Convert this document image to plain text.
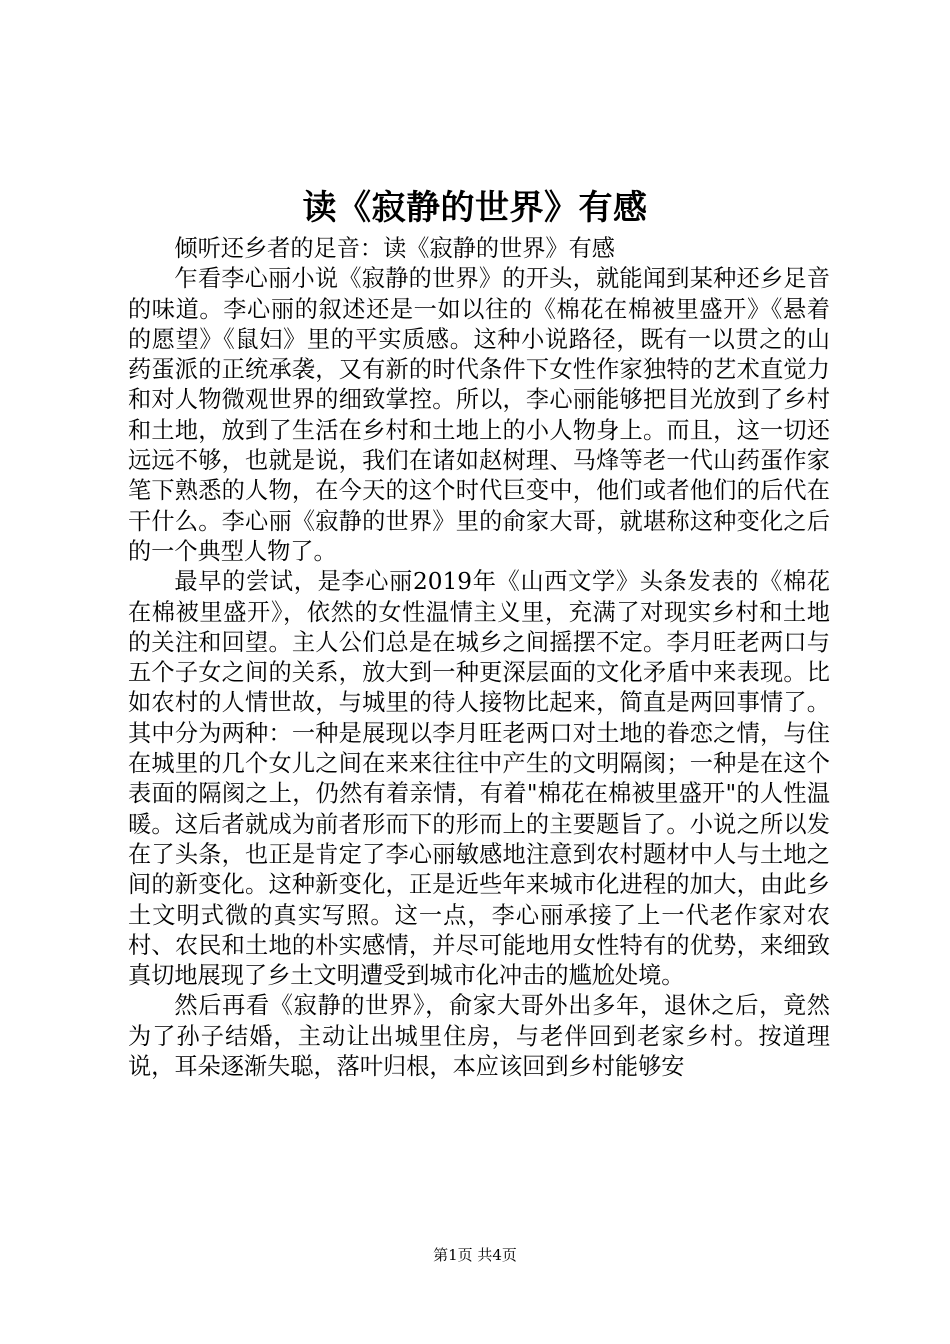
读《寂静的世界》有感

倾听还乡者的足音：读《寂静的世界》有感

乍看李心丽小说《寂静的世界》的开头，就能闻到某种还乡足音的味道。李心丽的叙述还是一如以往的《棉花在棉被里盛开》《悬着的愿望》《鼠妇》里的平实质感。这种小说路径，既有一以贯之的山药蛋派的正统承袭，又有新的时代条件下女性作家独特的艺术直觉力和对人物微观世界的细致掌控。所以，李心丽能够把目光放到了乡村和土地，放到了生活在乡村和土地上的小人物身上。而且，这一切还远远不够，也就是说，我们在诸如赵树理、马烽等老一代山药蛋作家笔下熟悉的人物，在今天的这个时代巨变中，他们或者他们的后代在干什么。李心丽《寂静的世界》里的俞家大哥，就堪称这种变化之后的一个典型人物了。

最早的尝试，是李心丽2019年《山西文学》头条发表的《棉花在棉被里盛开》，依然的女性温情主义里，充满了对现实乡村和土地的关注和回望。主人公们总是在城乡之间摇摆不定。李月旺老两口与五个子女之间的关系，放大到一种更深层面的文化矛盾中来表现。比如农村的人情世故，与城里的待人接物比起来，简直是两回事情了。其中分为两种：一种是展现以李月旺老两口对土地的眷恋之情，与住在城里的几个女儿之间在来来往往中产生的文明隔阂；一种是在这个表面的隔阂之上，仍然有着亲情，有着"棉花在棉被里盛开"的人性温暖。这后者就成为前者形而下的形而上的主要题旨了。小说之所以发在了头条，也正是肯定了李心丽敏感地注意到农村题材中人与土地之间的新变化。这种新变化，正是近些年来城市化进程的加大，由此乡土文明式微的真实写照。这一点，李心丽承接了上一代老作家对农村、农民和土地的朴实感情，并尽可能地用女性特有的优势，来细致真切地展现了乡土文明遭受到城市化冲击的尴尬处境。

然后再看《寂静的世界》，俞家大哥外出多年，退休之后，竟然为了孙子结婚，主动让出城里住房，与老伴回到老家乡村。按道理说，耳朵逐渐失聪，落叶归根，本应该回到乡村能够安

第1页 共4页
